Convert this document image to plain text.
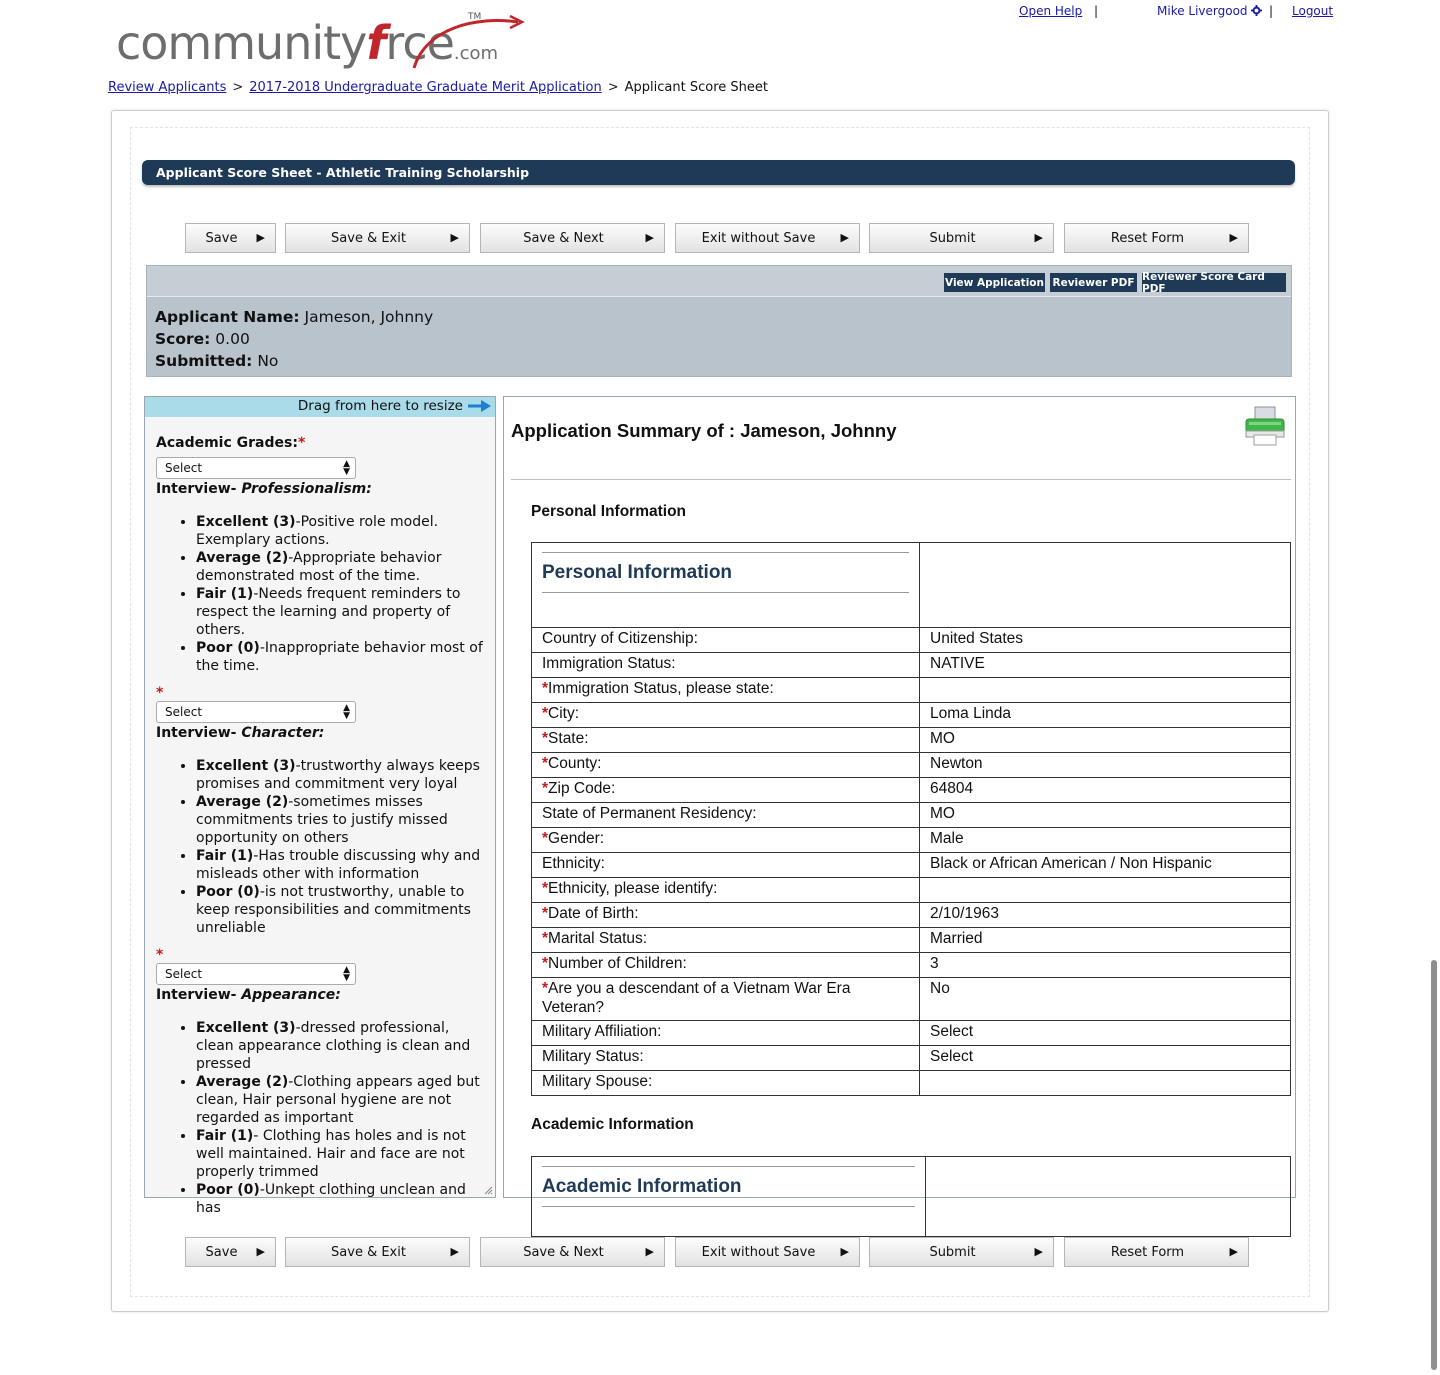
communityfrce.com
TM	Open Help |	Mike Livergood	| Logout
Review Applicants > 2017-2018 Undergraduate Graduate Merit Application > Applicant Score Sheet
Applicant Score Sheet - Athletic Training Scholarship
Save ▶	Save & Exit	▶	Save & Next	▶	Exit without Save ▶	Submit	▶	Reset Form	▶
View Application Reviewer PDF Reviewer Score Card PDF
Applicant Name: Jameson, Johnny
Score: 0.00
Submitted: No
Drag from here to resize
Academic Grades:*
Select	▲
▼
Interview- Professionalism:
• Excellent (3)-Positive role model. Exemplary actions.
• Average (2)-Appropriate behavior demonstrated most of the time.
• Fair (1)-Needs frequent reminders to respect the learning and property of others.
• Poor (0)-Inappropriate behavior most of the time.
*
Select	▲
▼
Interview- Character:
• Excellent (3)-trustworthy always keeps promises and commitment very loyal
• Average (2)-sometimes misses commitments tries to justify missed opportunity on others
• Fair (1)-Has trouble discussing why and misleads other with information
• Poor (0)-is not trustworthy, unable to keep responsibilities and commitments unreliable
*
Select	▲
▼
Interview- Appearance:
• Excellent (3)-dressed professional, clean appearance clothing is clean and pressed
• Average (2)-Clothing appears aged but clean, Hair personal hygiene are not regarded as important
• Fair (1)- Clothing has holes and is not well maintained. Hair and face are not properly trimmed
• Poor (0)-Unkept clothing unclean and has
Application Summary of : Jameson, Johnny
Personal Information
Personal Information	

Country of Citizenship:	United States
Immigration Status:	NATIVE
*Immigration Status, please state:	
*City:	Loma Linda
*State:	MO
*County:	Newton
*Zip Code:	64804
State of Permanent Residency:	MO
*Gender:	Male
Ethnicity:	Black or African American / Non Hispanic
*Ethnicity, please identify:	
*Date of Birth:	2/10/1963
*Marital Status:	Married
*Number of Children:	3
*Are you a descendant of a Vietnam War Era Veteran?	No
Military Affiliation:	Select
Military Status:	Select
Military Spouse:	
Academic Information
Academic Information

Save ▶	Save & Exit	▶	Save & Next	▶	Exit without Save ▶	Submit	▶	Reset Form	▶
